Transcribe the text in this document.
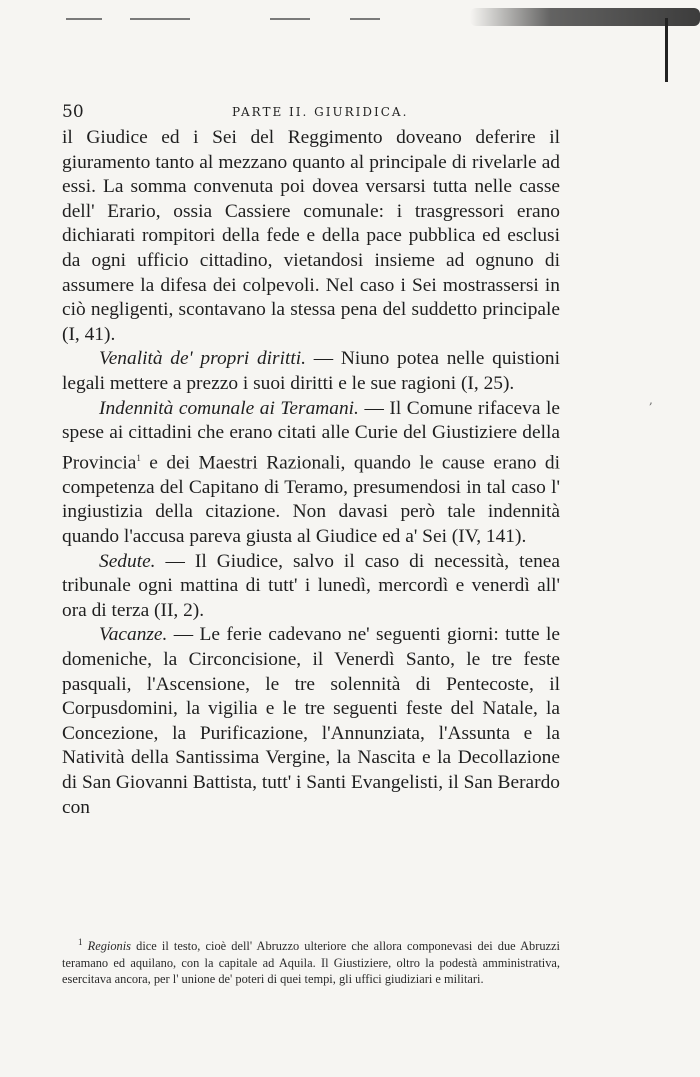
50	PARTE II. GIURIDICA.

il Giudice ed i Sei del Reggimento doveano deferire il giuramento tanto al mezzano quanto al principale di rivelarle ad essi. La somma convenuta poi dovea versarsi tutta nelle casse dell' Erario, ossia Cassiere comunale: i trasgressori erano dichiarati rompitori della fede e della pace pubblica ed esclusi da ogni ufficio cittadino, vietandosi insieme ad ognuno di assumere la difesa dei colpevoli. Nel caso i Sei mostrassersi in ciò negligenti, scontavano la stessa pena del suddetto principale (I, 41).

Venalità de' propri diritti. — Niuno potea nelle quistioni legali mettere a prezzo i suoi diritti e le sue ragioni (I, 25).

Indennità comunale ai Teramani. — Il Comune rifaceva le spese ai cittadini che erano citati alle Curie del Giustiziere della Provincia$^1$ e dei Maestri Razionali, quando le cause erano di competenza del Capitano di Teramo, presumendosi in tal caso l' ingiustizia della citazione. Non davasi però tale indennità quando l'accusa pareva giusta al Giudice ed a' Sei (IV, 141).

Sedute. — Il Giudice, salvo il caso di necessità, tenea tribunale ogni mattina di tutt' i lunedì, mercordì e venerdì all' ora di terza (II, 2).

Vacanze. — Le ferie cadevano ne' seguenti giorni: tutte le domeniche, la Circoncisione, il Venerdì Santo, le tre feste pasquali, l'Ascensione, le tre solennità di Pentecoste, il Corpusdomini, la vigilia e le tre seguenti feste del Natale, la Concezione, la Purificazione, l'Annunziata, l'Assunta e la Natività della Santissima Vergine, la Nascita e la Decollazione di San Giovanni Battista, tutt' i Santi Evangelisti, il San Berardo con

,
$^1$ Regionis dice il testo, cioè dell' Abruzzo ulteriore che allora componevasi dei due Abruzzi teramano ed aquilano, con la capitale ad Aquila. Il Giustiziere, oltro la podestà amministrativa, esercitava ancora, per l' unione de' poteri di quei tempi, gli uffici giudiziari e militari.
